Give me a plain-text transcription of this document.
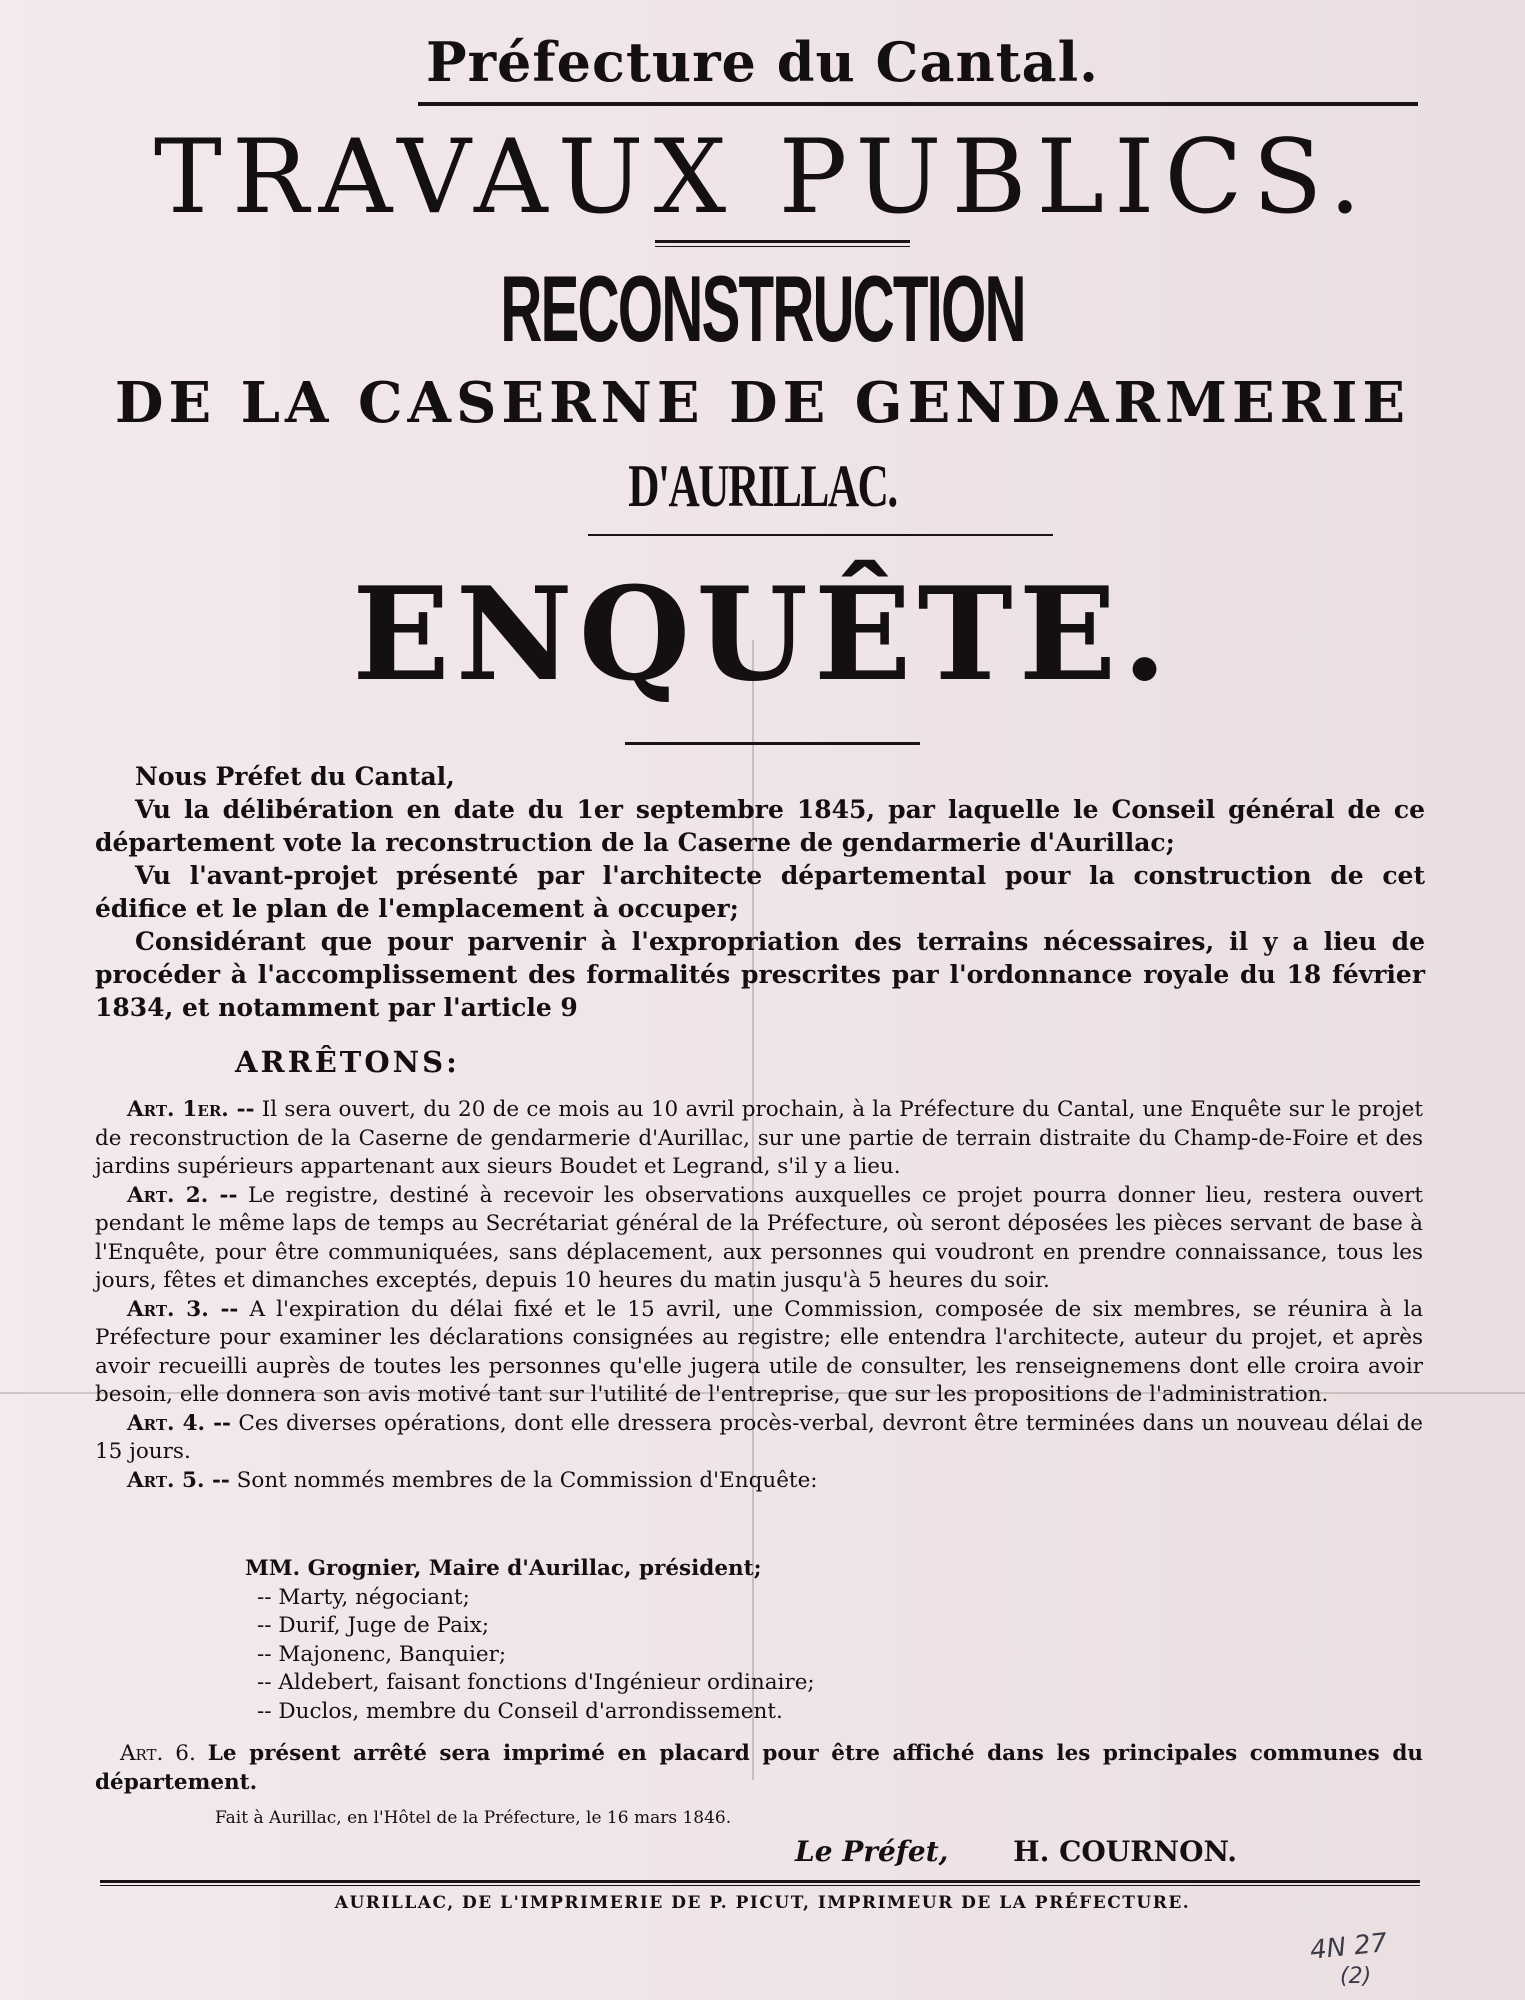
Préfecture du Cantal.
TRAVAUX PUBLICS.
RECONSTRUCTION
DE LA CASERNE DE GENDARMERIE
D'AURILLAC.
ENQUÊTE.

Nous Préfet du Cantal,

Vu la délibération en date du 1er septembre 1845, par laquelle le Conseil général de ce département vote la reconstruction de la Caserne de gendarmerie d'Aurillac;

Vu l'avant-projet présenté par l'architecte départemental pour la construction de cet édifice et le plan de l'emplacement à occuper;

Considérant que pour parvenir à l'expropriation des terrains nécessaires, il y a lieu de procéder à l'accomplissement des formalités prescrites par l'ordonnance royale du 18 février 1834, et notamment par l'article 9

ARRÊTONS:

Art. 1er. -- Il sera ouvert, du 20 de ce mois au 10 avril prochain, à la Préfecture du Cantal, une Enquête sur le projet de reconstruction de la Caserne de gendarmerie d'Aurillac, sur une partie de terrain distraite du Champ-de-Foire et des jardins supérieurs appartenant aux sieurs Boudet et Legrand, s'il y a lieu.

Art. 2. -- Le registre, destiné à recevoir les observations auxquelles ce projet pourra donner lieu, restera ouvert pendant le même laps de temps au Secrétariat général de la Préfecture, où seront déposées les pièces servant de base à l'Enquête, pour être communiquées, sans déplacement, aux personnes qui voudront en prendre connaissance, tous les jours, fêtes et dimanches exceptés, depuis 10 heures du matin jusqu'à 5 heures du soir.

Art. 3. -- A l'expiration du délai fixé et le 15 avril, une Commission, composée de six membres, se réunira à la Préfecture pour examiner les déclarations consignées au registre; elle entendra l'architecte, auteur du projet, et après avoir recueilli auprès de toutes les personnes qu'elle jugera utile de consulter, les renseignemens dont elle croira avoir besoin, elle donnera son avis motivé tant sur l'utilité de l'entreprise, que sur les propositions de l'administration.

Art. 4. -- Ces diverses opérations, dont elle dressera procès-verbal, devront être terminées dans un nouveau délai de 15 jours.

Art. 5. -- Sont nommés membres de la Commission d'Enquête:

MM. Grognier, Maire d'Aurillac, président;
-- Marty, négociant;
-- Durif, Juge de Paix;
-- Majonenc, Banquier;
-- Aldebert, faisant fonctions d'Ingénieur ordinaire;
-- Duclos, membre du Conseil d'arrondissement.
Art. 6. Le présent arrêté sera imprimé en placard pour être affiché dans les principales communes du département.
Fait à Aurillac, en l'Hôtel de la Préfecture, le 16 mars 1846.
Le Préfet, H. COURNON.
AURILLAC, DE L'IMPRIMERIE DE P. PICUT, IMPRIMEUR DE LA PRÉFECTURE.
4N 27
(2)
